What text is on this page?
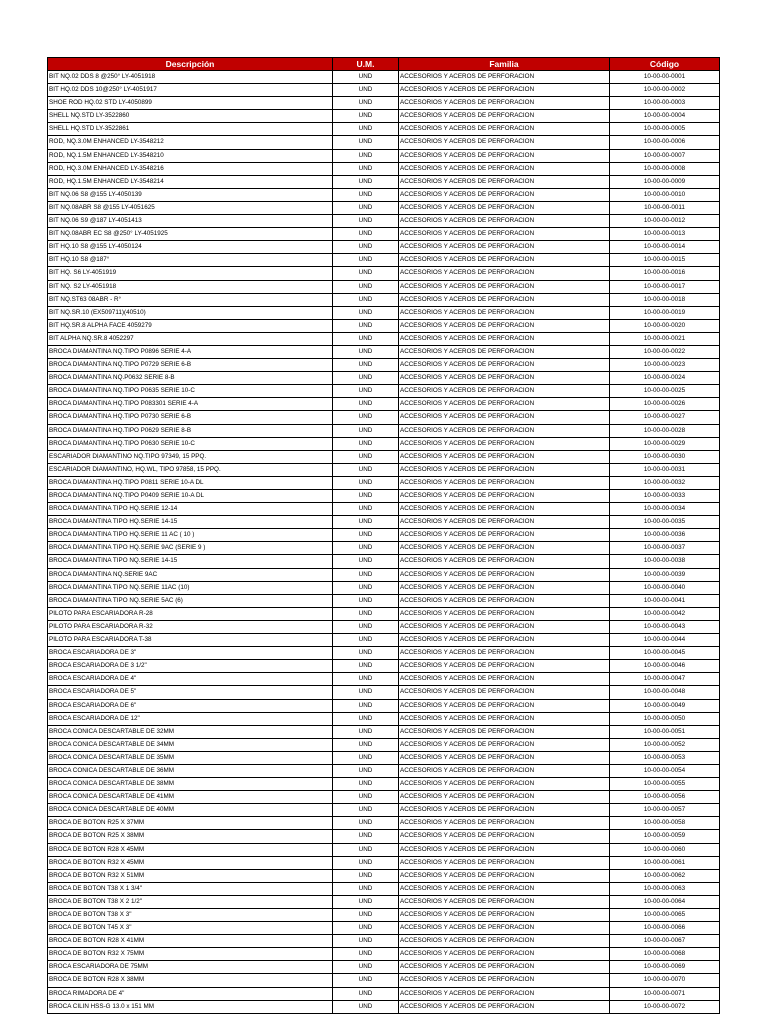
Descripción	U.M.	Familia	Código
BIT NQ.02 DDS 8 @250° LY-4051918	UND	ACCESORIOS Y ACEROS DE PERFORACION	10-00-00-0001
BIT HQ.02 DDS 10@250° LY-4051917	UND	ACCESORIOS Y ACEROS DE PERFORACION	10-00-00-0002
SHOE ROD HQ.02 STD LY-4050899	UND	ACCESORIOS Y ACEROS DE PERFORACION	10-00-00-0003
SHELL NQ.STD LY-3522860	UND	ACCESORIOS Y ACEROS DE PERFORACION	10-00-00-0004
SHELL HQ.STD LY-3522861	UND	ACCESORIOS Y ACEROS DE PERFORACION	10-00-00-0005
ROD, NQ.3.0M ENHANCED LY-3548212	UND	ACCESORIOS Y ACEROS DE PERFORACION	10-00-00-0006
ROD, NQ.1.5M ENHANCED LY-3548210	UND	ACCESORIOS Y ACEROS DE PERFORACION	10-00-00-0007
ROD, HQ.3.0M ENHANCED LY-3548216	UND	ACCESORIOS Y ACEROS DE PERFORACION	10-00-00-0008
ROD, HQ.1.5M ENHANCED LY-3548214	UND	ACCESORIOS Y ACEROS DE PERFORACION	10-00-00-0009
BIT NQ.06 S8 @155 LY-4050139	UND	ACCESORIOS Y ACEROS DE PERFORACION	10-00-00-0010
BIT NQ.08ABR S8 @155 LY-4051625	UND	ACCESORIOS Y ACEROS DE PERFORACION	10-00-00-0011
BIT NQ.06 S9 @187 LY-4051413	UND	ACCESORIOS Y ACEROS DE PERFORACION	10-00-00-0012
BIT NQ.08ABR EC S8 @250° LY-4051925	UND	ACCESORIOS Y ACEROS DE PERFORACION	10-00-00-0013
BIT HQ.10 S8 @155 LY-4050124	UND	ACCESORIOS Y ACEROS DE PERFORACION	10-00-00-0014
BIT HQ.10 S8 @187°	UND	ACCESORIOS Y ACEROS DE PERFORACION	10-00-00-0015
BIT HQ. S6 LY-4051919	UND	ACCESORIOS Y ACEROS DE PERFORACION	10-00-00-0016
BIT NQ. S2 LY-4051918	UND	ACCESORIOS Y ACEROS DE PERFORACION	10-00-00-0017
BIT NQ.ST63 08ABR - R°	UND	ACCESORIOS Y ACEROS DE PERFORACION	10-00-00-0018
BIT NQ.SR.10 (EX509711)(40510)	UND	ACCESORIOS Y ACEROS DE PERFORACION	10-00-00-0019
BIT HQ.SR.8 ALPHA FACE 4059279	UND	ACCESORIOS Y ACEROS DE PERFORACION	10-00-00-0020
BIT ALPHA NQ.SR.8 4052297	UND	ACCESORIOS Y ACEROS DE PERFORACION	10-00-00-0021
BROCA DIAMANTINA NQ.TIPO P0896 SERIE 4-A	UND	ACCESORIOS Y ACEROS DE PERFORACION	10-00-00-0022
BROCA DIAMANTINA NQ.TIPO P0729 SERIE 6-B	UND	ACCESORIOS Y ACEROS DE PERFORACION	10-00-00-0023
BROCA DIAMANTINA NQ.P0632 SERIE 8-B	UND	ACCESORIOS Y ACEROS DE PERFORACION	10-00-00-0024
BROCA DIAMANTINA NQ.TIPO P0635 SERIE 10-C	UND	ACCESORIOS Y ACEROS DE PERFORACION	10-00-00-0025
BROCA DIAMANTINA HQ.TIPO P083301 SERIE 4-A	UND	ACCESORIOS Y ACEROS DE PERFORACION	10-00-00-0026
BROCA DIAMANTINA HQ.TIPO P0730 SERIE 6-B	UND	ACCESORIOS Y ACEROS DE PERFORACION	10-00-00-0027
BROCA DIAMANTINA HQ.TIPO P0629 SERIE 8-B	UND	ACCESORIOS Y ACEROS DE PERFORACION	10-00-00-0028
BROCA DIAMANTINA HQ.TIPO P0630 SERIE 10-C	UND	ACCESORIOS Y ACEROS DE PERFORACION	10-00-00-0029
ESCARIADOR DIAMANTINO NQ.TIPO 97349, 15 PPQ.	UND	ACCESORIOS Y ACEROS DE PERFORACION	10-00-00-0030
ESCARIADOR DIAMANTINO, HQ.WL, TIPO 97858, 15 PPQ.	UND	ACCESORIOS Y ACEROS DE PERFORACION	10-00-00-0031
BROCA DIAMANTINA HQ.TIPO P0811 SERIE 10-A DL	UND	ACCESORIOS Y ACEROS DE PERFORACION	10-00-00-0032
BROCA DIAMANTINA NQ.TIPO P0409 SERIE 10-A DL	UND	ACCESORIOS Y ACEROS DE PERFORACION	10-00-00-0033
BROCA DIAMANTINA TIPO HQ.SERIE 12-14	UND	ACCESORIOS Y ACEROS DE PERFORACION	10-00-00-0034
BROCA DIAMANTINA TIPO HQ.SERIE 14-15	UND	ACCESORIOS Y ACEROS DE PERFORACION	10-00-00-0035
BROCA DIAMANTINA TIPO HQ.SERIE 11 AC ( 10 )	UND	ACCESORIOS Y ACEROS DE PERFORACION	10-00-00-0036
BROCA DIAMANTINA TIPO HQ.SERIE 9AC (SERIE 9 )	UND	ACCESORIOS Y ACEROS DE PERFORACION	10-00-00-0037
BROCA DIAMANTINA TIPO NQ.SERIE 14-15	UND	ACCESORIOS Y ACEROS DE PERFORACION	10-00-00-0038
BROCA DIAMANTINA NQ.SERIE 9AC	UND	ACCESORIOS Y ACEROS DE PERFORACION	10-00-00-0039
BROCA DIAMANTINA TIPO NQ.SERIE 11AC (10)	UND	ACCESORIOS Y ACEROS DE PERFORACION	10-00-00-0040
BROCA DIAMANTINA TIPO NQ.SERIE 5AC (6)	UND	ACCESORIOS Y ACEROS DE PERFORACION	10-00-00-0041
PILOTO PARA ESCARIADORA R-28	UND	ACCESORIOS Y ACEROS DE PERFORACION	10-00-00-0042
PILOTO PARA ESCARIADORA R-32	UND	ACCESORIOS Y ACEROS DE PERFORACION	10-00-00-0043
PILOTO PARA ESCARIADORA T-38	UND	ACCESORIOS Y ACEROS DE PERFORACION	10-00-00-0044
BROCA ESCARIADORA DE 3"	UND	ACCESORIOS Y ACEROS DE PERFORACION	10-00-00-0045
BROCA ESCARIADORA DE 3 1/2"	UND	ACCESORIOS Y ACEROS DE PERFORACION	10-00-00-0046
BROCA ESCARIADORA DE 4"	UND	ACCESORIOS Y ACEROS DE PERFORACION	10-00-00-0047
BROCA ESCARIADORA DE 5"	UND	ACCESORIOS Y ACEROS DE PERFORACION	10-00-00-0048
BROCA ESCARIADORA DE 6"	UND	ACCESORIOS Y ACEROS DE PERFORACION	10-00-00-0049
BROCA ESCARIADORA DE 12"	UND	ACCESORIOS Y ACEROS DE PERFORACION	10-00-00-0050
BROCA CONICA DESCARTABLE DE 32MM	UND	ACCESORIOS Y ACEROS DE PERFORACION	10-00-00-0051
BROCA CONICA DESCARTABLE DE 34MM	UND	ACCESORIOS Y ACEROS DE PERFORACION	10-00-00-0052
BROCA CONICA DESCARTABLE DE 35MM	UND	ACCESORIOS Y ACEROS DE PERFORACION	10-00-00-0053
BROCA CONICA DESCARTABLE DE 36MM	UND	ACCESORIOS Y ACEROS DE PERFORACION	10-00-00-0054
BROCA CONICA DESCARTABLE DE 38MM	UND	ACCESORIOS Y ACEROS DE PERFORACION	10-00-00-0055
BROCA CONICA DESCARTABLE DE 41MM	UND	ACCESORIOS Y ACEROS DE PERFORACION	10-00-00-0056
BROCA CONICA DESCARTABLE DE 40MM	UND	ACCESORIOS Y ACEROS DE PERFORACION	10-00-00-0057
BROCA DE BOTON R25 X 37MM	UND	ACCESORIOS Y ACEROS DE PERFORACION	10-00-00-0058
BROCA DE BOTON R25 X 38MM	UND	ACCESORIOS Y ACEROS DE PERFORACION	10-00-00-0059
BROCA DE BOTON R28 X 45MM	UND	ACCESORIOS Y ACEROS DE PERFORACION	10-00-00-0060
BROCA DE BOTON R32 X 45MM	UND	ACCESORIOS Y ACEROS DE PERFORACION	10-00-00-0061
BROCA DE BOTON R32 X 51MM	UND	ACCESORIOS Y ACEROS DE PERFORACION	10-00-00-0062
BROCA DE BOTON T38 X 1 3/4"	UND	ACCESORIOS Y ACEROS DE PERFORACION	10-00-00-0063
BROCA DE BOTON T38 X 2 1/2"	UND	ACCESORIOS Y ACEROS DE PERFORACION	10-00-00-0064
BROCA DE BOTON T38 X 3"	UND	ACCESORIOS Y ACEROS DE PERFORACION	10-00-00-0065
BROCA DE BOTON T45 X 3"	UND	ACCESORIOS Y ACEROS DE PERFORACION	10-00-00-0066
BROCA DE BOTON R28 X 41MM	UND	ACCESORIOS Y ACEROS DE PERFORACION	10-00-00-0067
BROCA DE BOTON R32 X 75MM	UND	ACCESORIOS Y ACEROS DE PERFORACION	10-00-00-0068
BROCA ESCARIADORA DE 75MM	UND	ACCESORIOS Y ACEROS DE PERFORACION	10-00-00-0069
BROCA DE BOTON R28 X 38MM	UND	ACCESORIOS Y ACEROS DE PERFORACION	10-00-00-0070
BROCA RIMADORA DE 4"	UND	ACCESORIOS Y ACEROS DE PERFORACION	10-00-00-0071
BROCA CILIN HSS-G 13.0 x 151 MM	UND	ACCESORIOS Y ACEROS DE PERFORACION	10-00-00-0072
